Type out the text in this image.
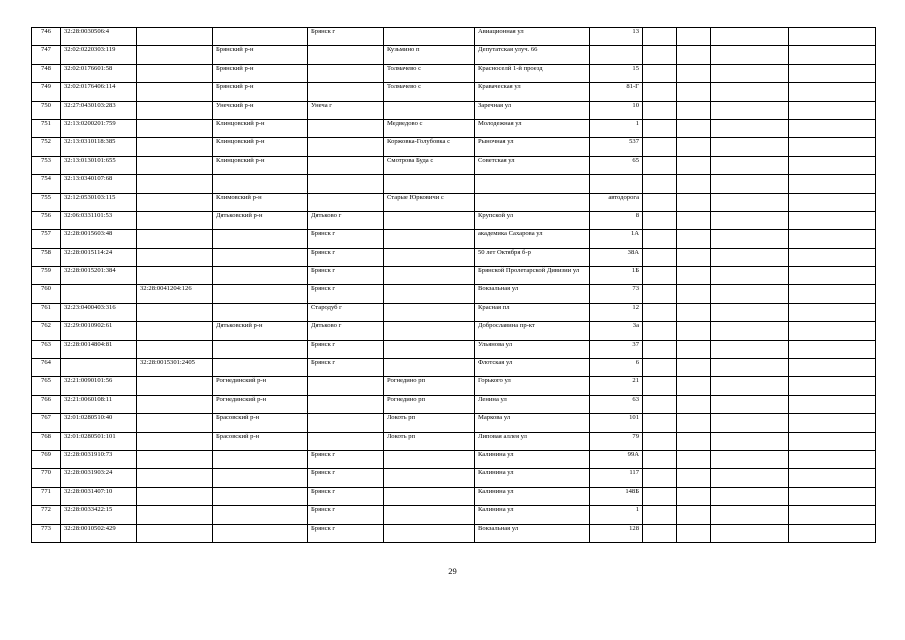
746	32:28:0030506:4			Брянск г		Авиационная ул	13				
747	32:02:0220303:119		Брянский р-н		Кузьмино п	Депутатская улуч. 66					
748	32:02:0176601:58		Брянский р-н		Толмачево с	Красноселй 1-й проезд	15				
749	32:02:0176406:114		Брянский р-н		Толмачево с	Краваческая ул	81-Г				
750	32:27:0430103:283		Унечский р-н	Унеча г		Заречная ул	10				
751	32:13:0200201:759		Клинцовский р-н		Медведово с	Молодежная ул	1				
752	32:13:0310118:385		Клинцовский р-н		Коржовка-Голубовка с	Рыночная ул	537				
753	32:13:0130101:655		Клинцовский р-н		Смотрова Буда с	Советская ул	65				
754	32:13:0340107:68										
755	32:12:0530103:115		Климовский р-н		Старые Юрковичи с		автодорога				
756	32:06:0331101:53		Дятьковский р-н	Дятьково г		Крупской ул	8				
757	32:28:0015603:48			Брянск г		академика Сахарова ул	1А				
758	32:28:0015114:24			Брянск г		50 лет Октября б-р	38А				
759	32:28:0015201:384			Брянск г		Брянской Пролетарской Дивизии ул	1Б				
760		32:28:0041204:126		Брянск г		Вокзальная ул	73				
761	32:23:0400403:316			Стародуб г		Красная пл	12				
762	32:29:0010902:61		Дятьковский р-н	Дятьково г		Доброславина пр-кт	3а				
763	32:28:0014804:81			Брянск г		Ульянова ул	37				
764		32:28:0015301:2405		Брянск г		Флотская ул	6				
765	32:21:0090101:56		Рогнединский р-н		Рогнедино рп	Горького ул	21				
766	32:21:0060108:11		Рогнединский р-н		Рогнедино рп	Ленина ул	63				
767	32:01:0280510:40		Брасовский р-н		Локоть рп	Маркова ул	101				
768	32:01:0280501:101		Брасовский р-н		Локоть рп	Липовая аллея ул	79				
769	32:28:0031910:73			Брянск г		Калинина ул	99А				
770	32:28:0031903:24			Брянск г		Калинина ул	117				
771	32:28:0031407:10			Брянск г		Калинина ул	148Б				
772	32:28:0033422:15			Брянск г		Калинина ул	1				
773	32:28:0010502:429			Брянск г		Вокзальная ул	128				
29
